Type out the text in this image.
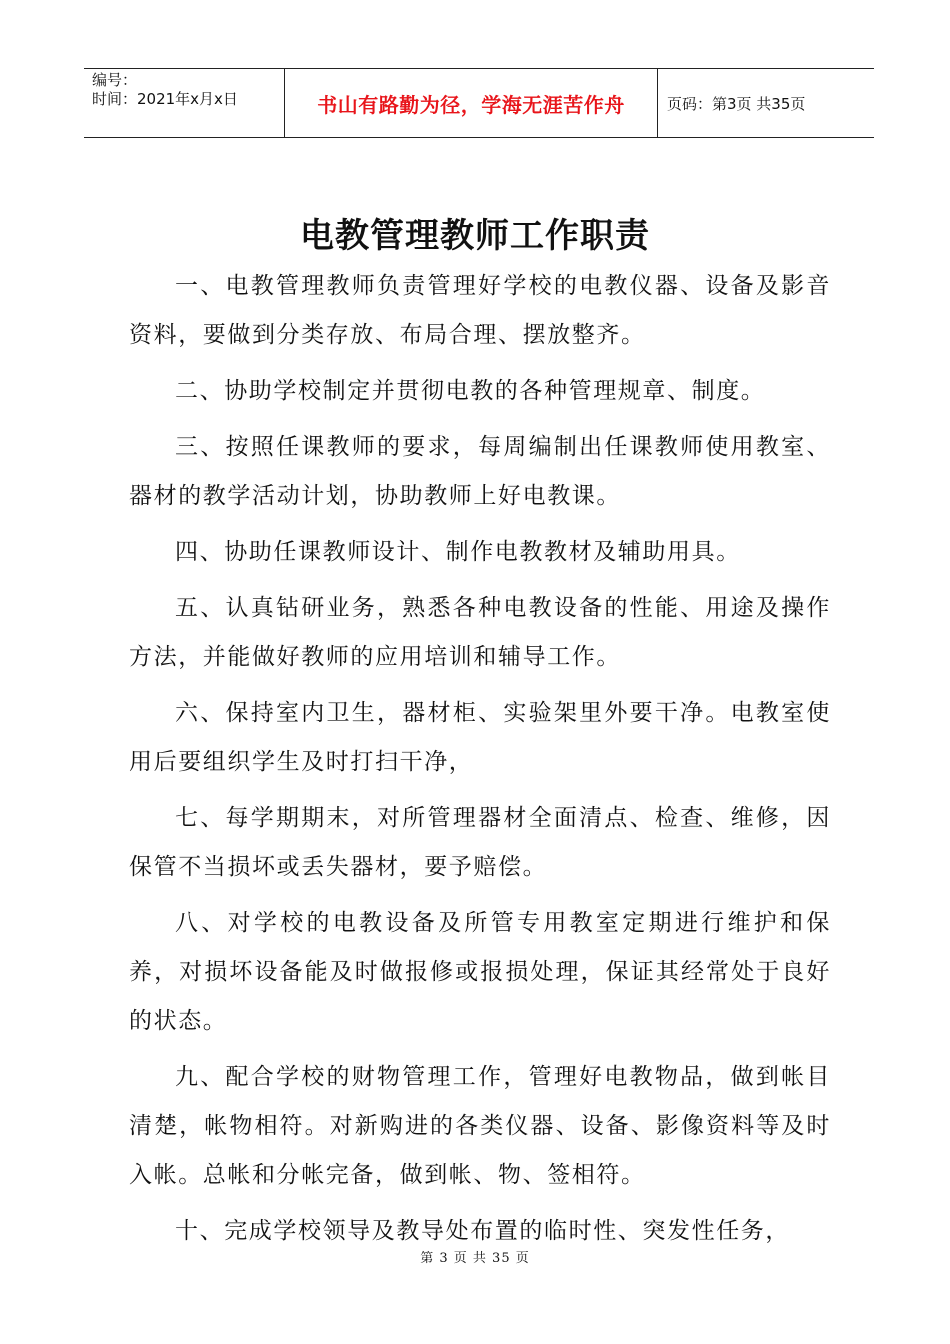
编号：
时间：2021年x月x日	书山有路勤为径，学海无涯苦作舟	页码：第3页 共35页
电教管理教师工作职责

一、电教管理教师负责管理好学校的电教仪器、设备及影音资料，要做到分类存放、布局合理、摆放整齐。

二、协助学校制定并贯彻电教的各种管理规章、制度。

三、按照任课教师的要求，每周编制出任课教师使用教室、器材的教学活动计划，协助教师上好电教课。

四、协助任课教师设计、制作电教教材及辅助用具。

五、认真钻研业务，熟悉各种电教设备的性能、用途及操作方法，并能做好教师的应用培训和辅导工作。

六、保持室内卫生，器材柜、实验架里外要干净。电教室使用后要组织学生及时打扫干净，

七、每学期期末，对所管理器材全面清点、检查、维修，因保管不当损坏或丢失器材，要予赔偿。

八、对学校的电教设备及所管专用教室定期进行维护和保养，对损坏设备能及时做报修或报损处理，保证其经常处于良好的状态。

九、配合学校的财物管理工作，管理好电教物品，做到帐目清楚，帐物相符。对新购进的各类仪器、设备、影像资料等及时入帐。总帐和分帐完备，做到帐、物、签相符。

十、完成学校领导及教导处布置的临时性、突发性任务，

第 3 页 共 35 页
